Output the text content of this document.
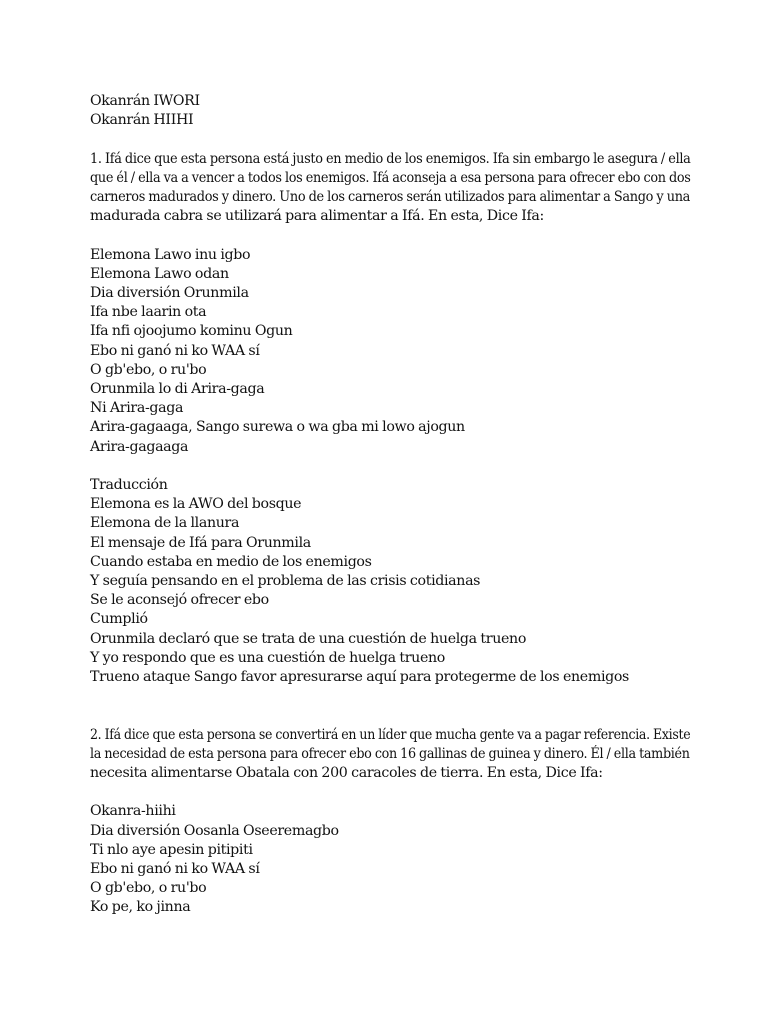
Okanrán IWORI
Okanrán HIIHI
1. Ifá dice que esta persona está justo en medio de los enemigos. Ifa sin embargo le asegura / ella
que él / ella va a vencer a todos los enemigos. Ifá aconseja a esa persona para ofrecer ebo con dos
carneros madurados y dinero. Uno de los carneros serán utilizados para alimentar a Sango y una
madurada cabra se utilizará para alimentar a Ifá. En esta, Dice Ifa:
Elemona Lawo inu igbo
Elemona Lawo odan
Dia diversión Orunmila
Ifa nbe laarin ota
Ifa nfi ojoojumo kominu Ogun
Ebo ni ganó ni ko WAA sí
O gb'ebo, o ru'bo
Orunmila lo di Arira-gaga
Ni Arira-gaga
Arira-gagaaga, Sango surewa o wa gba mi lowo ajogun
Arira-gagaaga
Traducción
Elemona es la AWO del bosque
Elemona de la llanura
El mensaje de Ifá para Orunmila
Cuando estaba en medio de los enemigos
Y seguía pensando en el problema de las crisis cotidianas
Se le aconsejó ofrecer ebo
Cumplió
Orunmila declaró que se trata de una cuestión de huelga trueno
Y yo respondo que es una cuestión de huelga trueno
Trueno ataque Sango favor apresurarse aquí para protegerme de los enemigos
2. Ifá dice que esta persona se convertirá en un líder que mucha gente va a pagar referencia. Existe
la necesidad de esta persona para ofrecer ebo con 16 gallinas de guinea y dinero. Él / ella también
necesita alimentarse Obatala con 200 caracoles de tierra. En esta, Dice Ifa:
Okanra-hiihi
Dia diversión Oosanla Oseeremagbo
Ti nlo aye apesin pitipiti
Ebo ni ganó ni ko WAA sí
O gb'ebo, o ru'bo
Ko pe, ko jinna
